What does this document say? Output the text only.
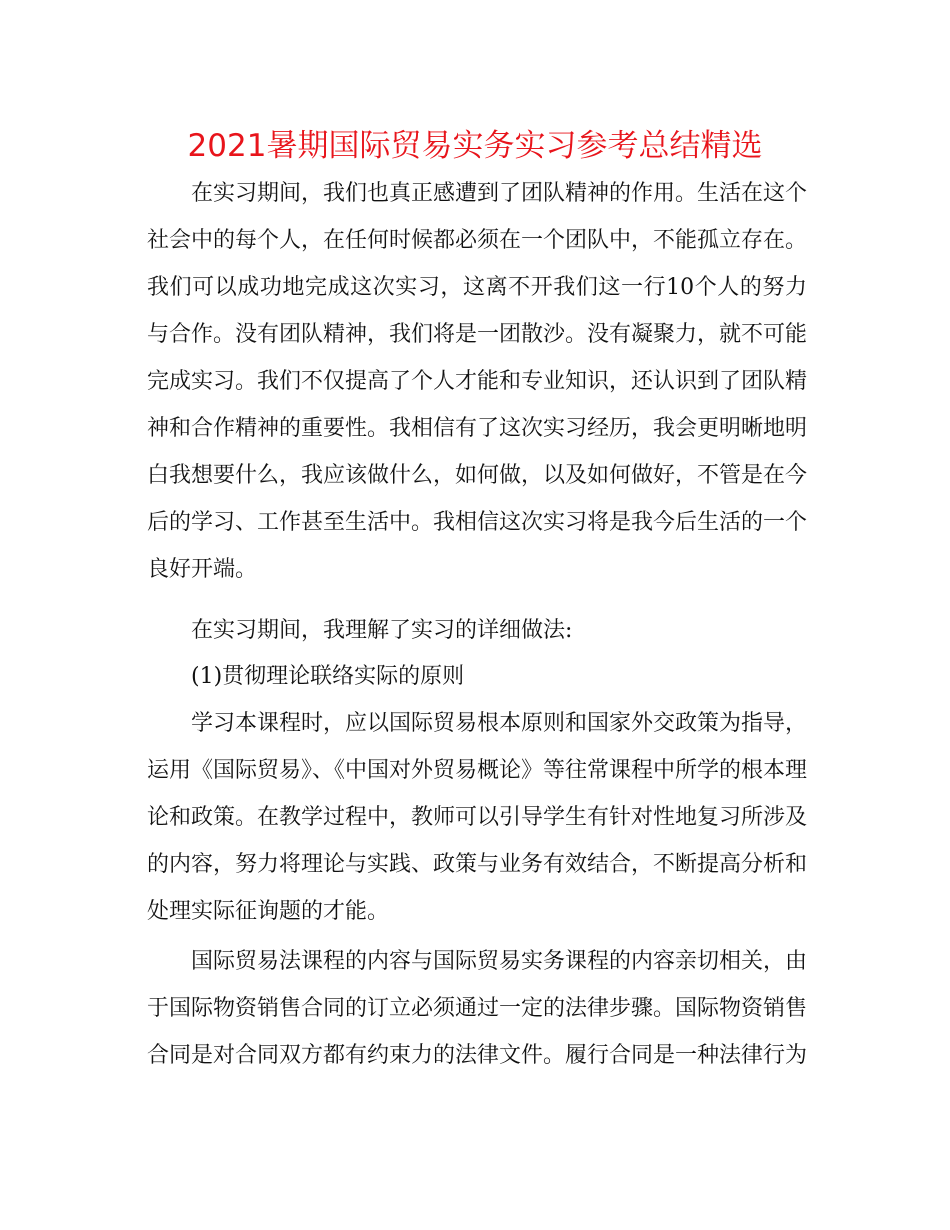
2021暑期国际贸易实务实习参考总结精选

在实习期间，我们也真正感遭到了团队精神的作用。生活在这个社会中的每个人，在任何时候都必须在一个团队中，不能孤立存在。我们可以成功地完成这次实习，这离不开我们这一行10个人的努力与合作。没有团队精神，我们将是一团散沙。没有凝聚力，就不可能完成实习。我们不仅提高了个人才能和专业知识，还认识到了团队精神和合作精神的重要性。我相信有了这次实习经历，我会更明晰地明白我想要什么，我应该做什么，如何做，以及如何做好，不管是在今后的学习、工作甚至生活中。我相信这次实习将是我今后生活的一个良好开端。

在实习期间，我理解了实习的详细做法:

(1)贯彻理论联络实际的原则

学习本课程时，应以国际贸易根本原则和国家外交政策为指导，运用《国际贸易》、《中国对外贸易概论》等往常课程中所学的根本理论和政策。在教学过程中，教师可以引导学生有针对性地复习所涉及的内容，努力将理论与实践、政策与业务有效结合，不断提高分析和处理实际征询题的才能。

国际贸易法课程的内容与国际贸易实务课程的内容亲切相关，由于国际物资销售合同的订立必须通过一定的法律步骤。国际物资销售合同是对合同双方都有约束力的法律文件。履行合同是一种法律行为
